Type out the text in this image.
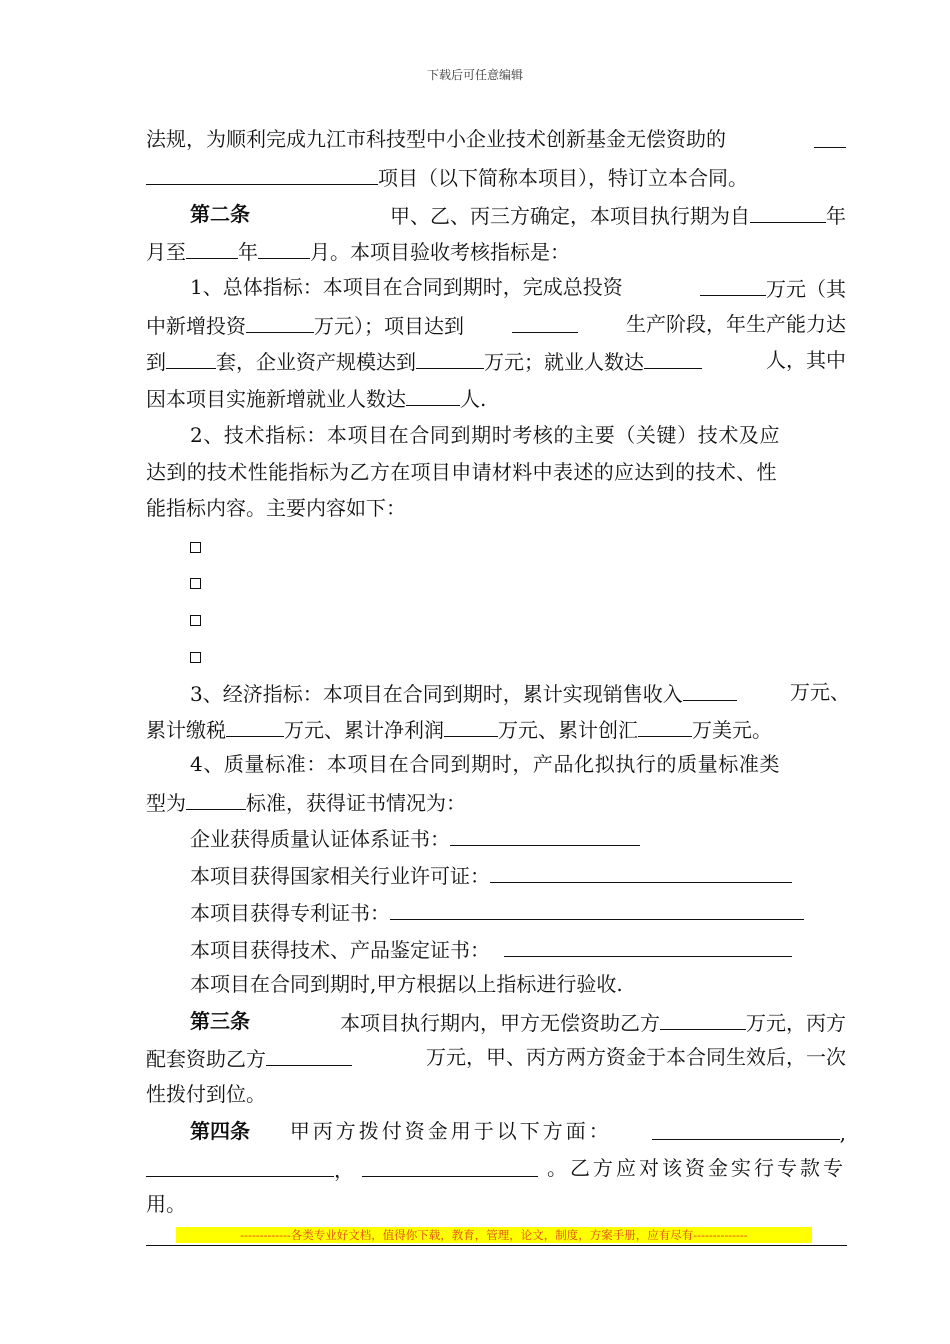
下载后可任意编辑
法规，为顺利完成九江市科技型中小企业技术创新基金无偿资助的
项目（以下简称本项目），特订立本合同。
第二条	甲、乙、丙三方确定，本项目执行期为自	年
月至	年	月。本项目验收考核指标是：
1、总体指标：本项目在合同到期时，完成总投资	万元（其
中新增投资	万元）；项目达到	生产阶段，年生产能力达
到	套，企业资产规模达到	万元；就业人数达	人，其中
因本项目实施新增就业人数达	人.
2、技术指标：本项目在合同到期时考核的主要（关键）技术及应
达到的技术性能指标为乙方在项目申请材料中表述的应达到的技术、性
能指标内容。主要内容如下：
3、经济指标：本项目在合同到期时，累计实现销售收入	万元、
累计缴税	万元、累计净利润	万元、累计创汇	万美元。
4、质量标准：本项目在合同到期时，产品化拟执行的质量标准类
型为	标准，获得证书情况为：
企业获得质量认证体系证书：
本项目获得国家相关行业许可证：
本项目获得专利证书：
本项目获得技术、产品鉴定证书：
本项目在合同到期时,甲方根据以上指标进行验收.
第三条	本项目执行期内，甲方无偿资助乙方	万元，丙方
配套资助乙方	万元，甲、丙方两方资金于本合同生效后，一次
性拨付到位。
第四条 甲丙方拨付资金用于以下方面：	,
，	。乙方应对该资金实行专款专
用。
-------------各类专业好文档，值得你下载，教育，管理，论文，制度，方案手册，应有尽有--------------
